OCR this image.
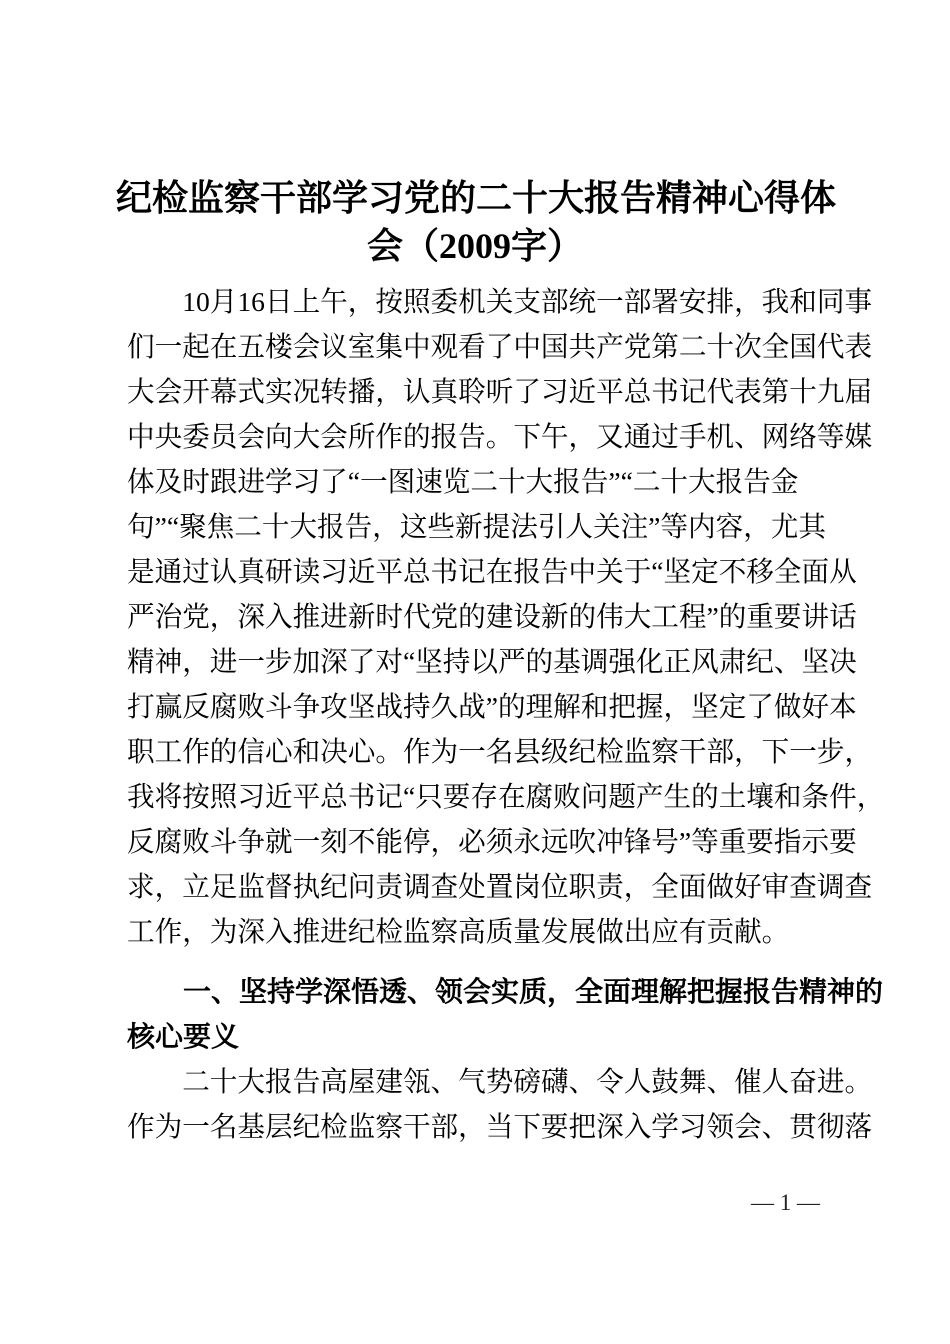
纪检监察干部学习党的二十大报告精神心得体
会（2009字）
10月16日上午，按照委机关支部统一部署安排，我和同事
们一起在五楼会议室集中观看了中国共产党第二十次全国代表
大会开幕式实况转播，认真聆听了习近平总书记代表第十九届
中央委员会向大会所作的报告。下午，又通过手机、网络等媒
体及时跟进学习了“一图速览二十大报告”“二十大报告金
句”“聚焦二十大报告，这些新提法引人关注”等内容，尤其
是通过认真研读习近平总书记在报告中关于“坚定不移全面从
严治党，深入推进新时代党的建设新的伟大工程”的重要讲话
精神，进一步加深了对“坚持以严的基调强化正风肃纪、坚决
打赢反腐败斗争攻坚战持久战”的理解和把握，坚定了做好本
职工作的信心和决心。作为一名县级纪检监察干部，下一步，
我将按照习近平总书记“只要存在腐败问题产生的土壤和条件，
反腐败斗争就一刻不能停，必须永远吹冲锋号”等重要指示要
求，立足监督执纪问责调查处置岗位职责，全面做好审查调查
工作，为深入推进纪检监察高质量发展做出应有贡献。
一、坚持学深悟透、领会实质，全面理解把握报告精神的
核心要义
二十大报告高屋建瓴、气势磅礴、令人鼓舞、催人奋进。
作为一名基层纪检监察干部，当下要把深入学习领会、贯彻落
— 1 —
